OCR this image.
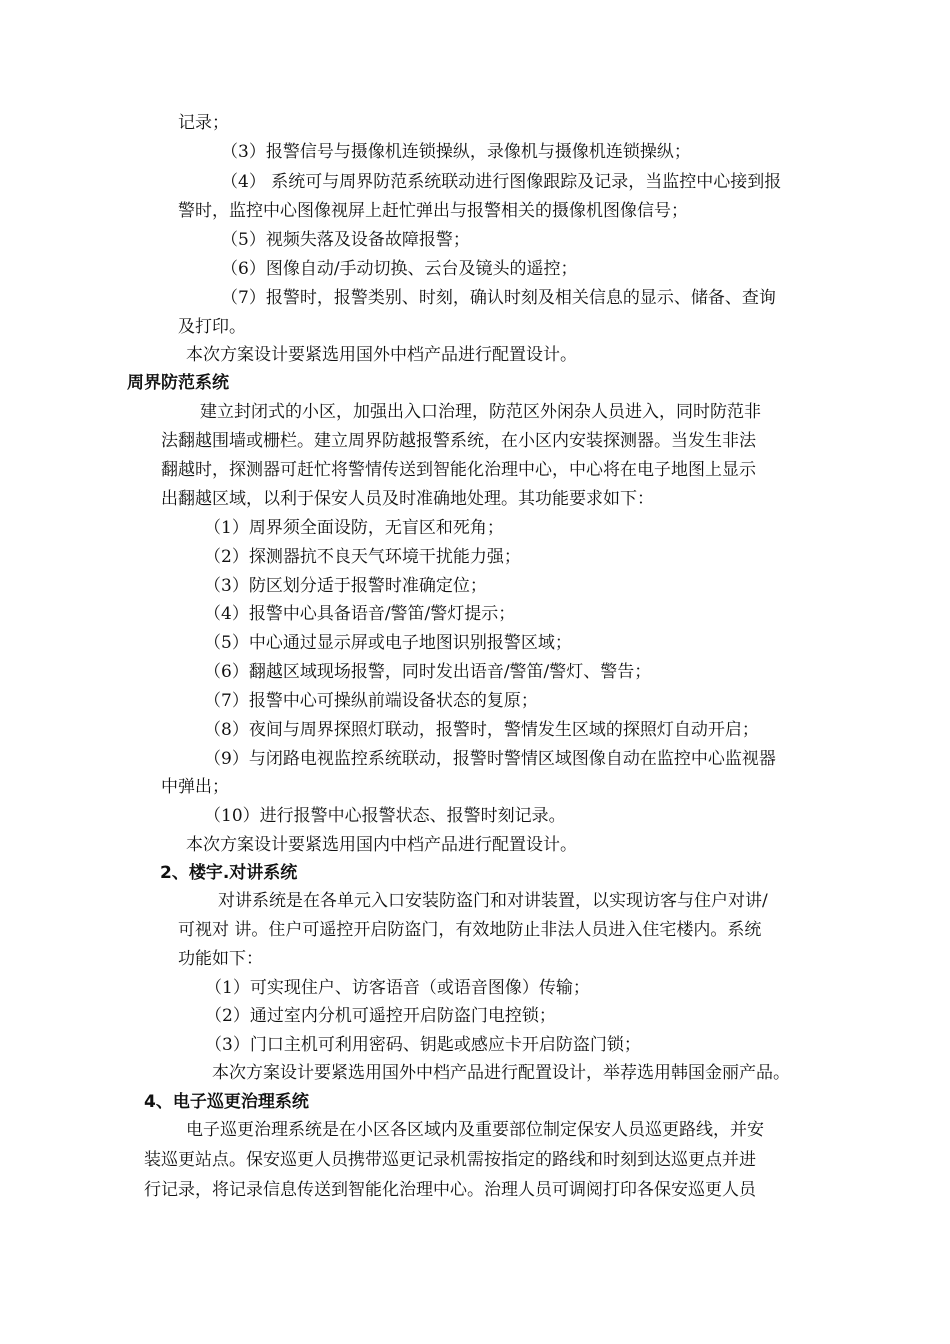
记录；
（3）报警信号与摄像机连锁操纵，录像机与摄像机连锁操纵；
（4） 系统可与周界防范系统联动进行图像跟踪及记录，当监控中心接到报
警时，监控中心图像视屏上赶忙弹出与报警相关的摄像机图像信号；
（5）视频失落及设备故障报警；
（6）图像自动/手动切换、云台及镜头的遥控；
（7）报警时，报警类别、时刻，确认时刻及相关信息的显示、储备、查询
及打印。
本次方案设计要紧选用国外中档产品进行配置设计。
周界防范系统
建立封闭式的小区，加强出入口治理，防范区外闲杂人员进入，同时防范非
法翻越围墙或栅栏。建立周界防越报警系统，在小区内安装探测器。当发生非法
翻越时，探测器可赶忙将警情传送到智能化治理中心，中心将在电子地图上显示
出翻越区域，以利于保安人员及时准确地处理。其功能要求如下：
（1）周界须全面设防，无盲区和死角；
（2）探测器抗不良天气环境干扰能力强；
（3）防区划分适于报警时准确定位；
（4）报警中心具备语音/警笛/警灯提示；
（5）中心通过显示屏或电子地图识别报警区域；
（6）翻越区域现场报警，同时发出语音/警笛/警灯、警告；
（7）报警中心可操纵前端设备状态的复原；
（8）夜间与周界探照灯联动，报警时，警情发生区域的探照灯自动开启；
（9）与闭路电视监控系统联动，报警时警情区域图像自动在监控中心监视器
中弹出；
（10）进行报警中心报警状态、报警时刻记录。
本次方案设计要紧选用国内中档产品进行配置设计。
2、楼宇.对讲系统
对讲系统是在各单元入口安装防盗门和对讲装置，以实现访客与住户对讲/
可视对 讲。住户可遥控开启防盗门，有效地防止非法人员进入住宅楼内。系统
功能如下：
（1）可实现住户、访客语音（或语音图像）传输；
（2）通过室内分机可遥控开启防盗门电控锁；
（3）门口主机可利用密码、钥匙或感应卡开启防盗门锁；
本次方案设计要紧选用国外中档产品进行配置设计，举荐选用韩国金丽产品。
4、电子巡更治理系统
电子巡更治理系统是在小区各区域内及重要部位制定保安人员巡更路线，并安
装巡更站点。保安巡更人员携带巡更记录机需按指定的路线和时刻到达巡更点并进
行记录，将记录信息传送到智能化治理中心。治理人员可调阅打印各保安巡更人员
